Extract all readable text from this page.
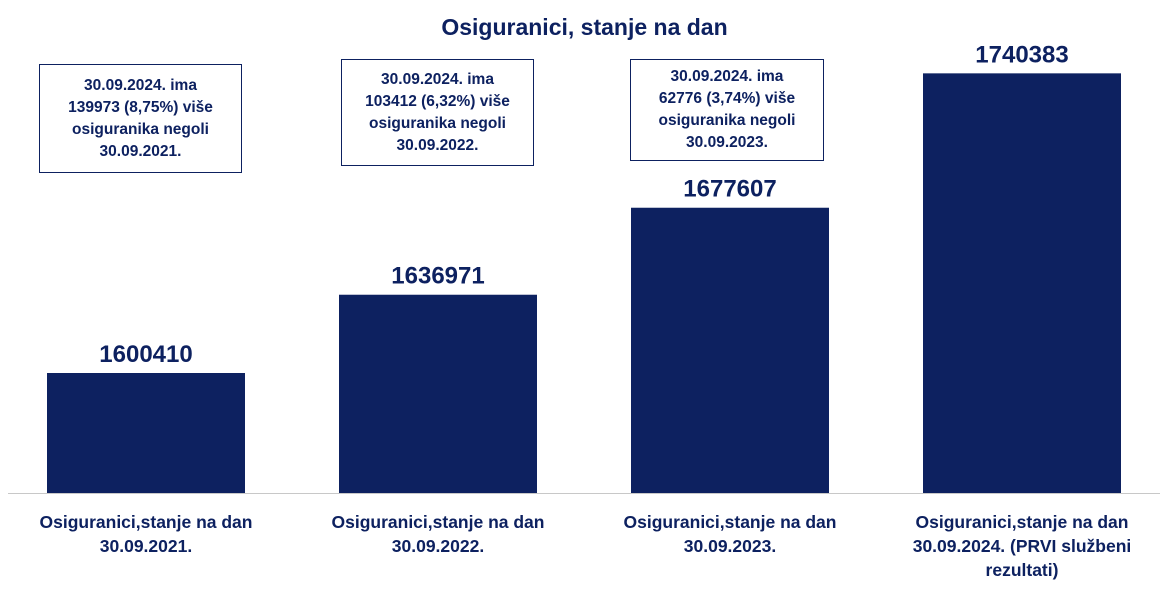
Osiguranici, stanje na dan
30.09.2024. ima
139973 (8,75%) više
osiguranika negoli
30.09.2021.
30.09.2024. ima
103412 (6,32%) više
osiguranika negoli
30.09.2022.
30.09.2024. ima
62776 (3,74%) više
osiguranika negoli
30.09.2023.
1600410
1636971
1677607
1740383
Osiguranici,stanje na dan
30.09.2021.
Osiguranici,stanje na dan
30.09.2022.
Osiguranici,stanje na dan
30.09.2023.
Osiguranici,stanje na dan
30.09.2024. (PRVI službeni
rezultati)
